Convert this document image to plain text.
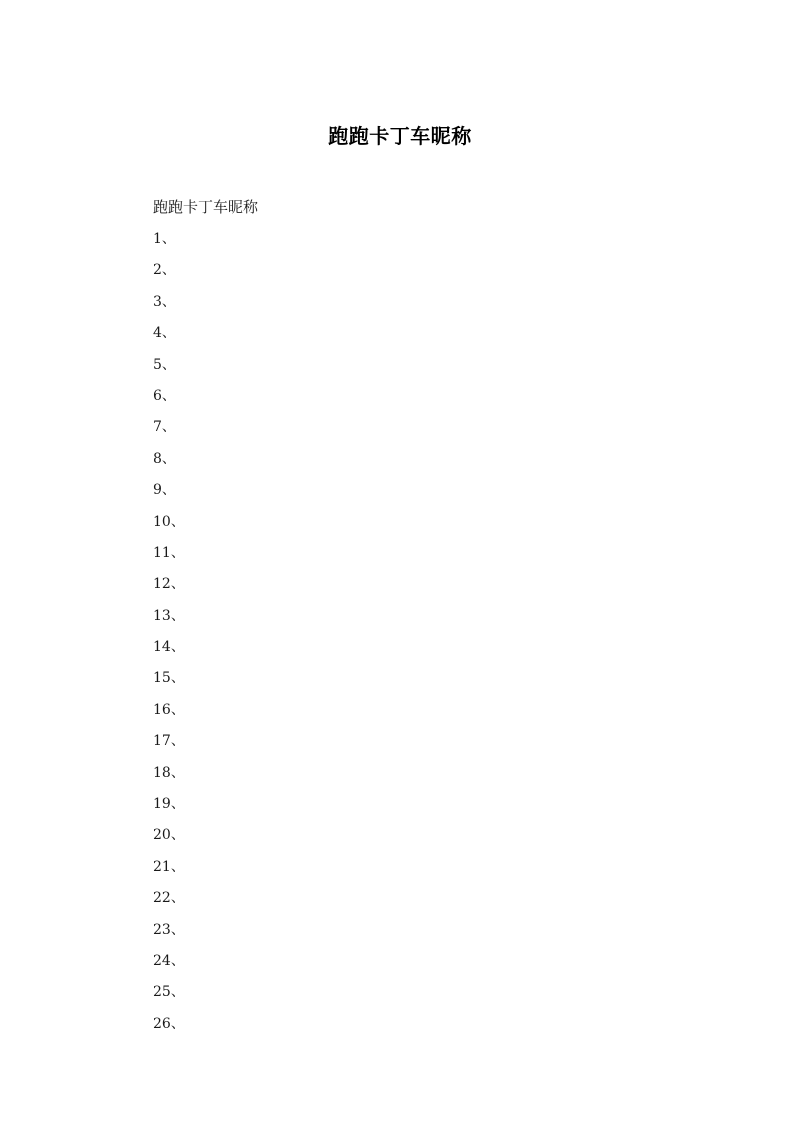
跑跑卡丁车昵称
跑跑卡丁车昵称
1、
2、
3、
4、
5、
6、
7、
8、
9、
10、
11、
12、
13、
14、
15、
16、
17、
18、
19、
20、
21、
22、
23、
24、
25、
26、
